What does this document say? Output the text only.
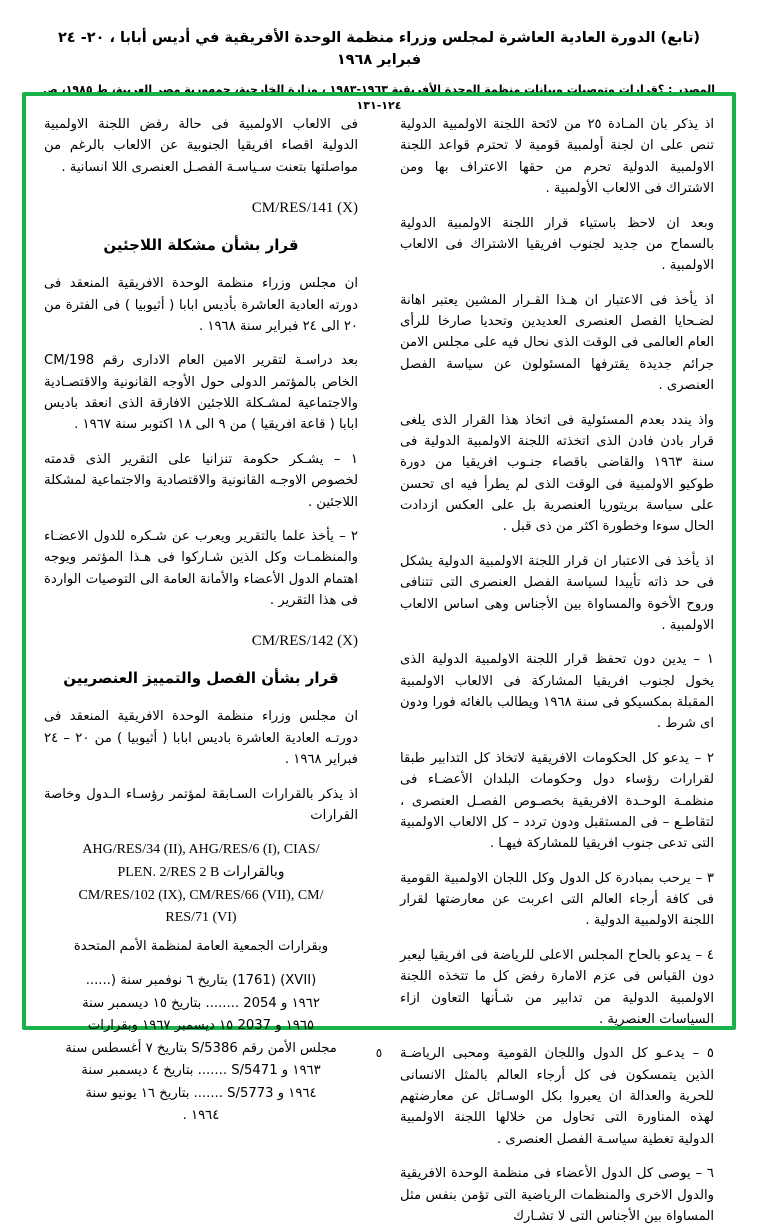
(تابع) الدورة العادية العاشرة لمجلس وزراء منظمة الوحدة الأفريقية في أديس أبابا ، ٢٠- ٢٤ فبراير ١٩٦٨
المصدر : ؟قرارات وتوصيات وبيانات منظمة الوحدة الأفريقية ١٩٦٣-١٩٨٣ ، وزارة الخارجية، جمهورية مصر العربية، ط ١٩٨٥، ص ١٢٤-١٣١

اذ يذكر بان المـادة ٢٥ من لائحة اللجنة الاولمبية الدولية تنص على ان لجنة أولمبية قومية لا تحترم قواعد اللجنة الاولمبية الدولية تحرم من حقها الاعتراف بها ومن الاشتراك فى الالعاب الأولمبية .

وبعد ان لاحظ باستياء قرار اللجنة الاولمبية الدولية بالسماح من جديد لجنوب افريقيا الاشتراك فى الالعاب الاولمبية .

اذ يأخذ فى الاعتبار ان هـذا القـرار المشين يعتبر اهانة لضـحايا الفصل العنصرى العديدين وتحديا صارخا للرأى العام العالمى فى الوقت الذى نحال فيه على مجلس الامن جرائم جديدة يقترفها المسئولون عن سياسة الفصل العنصرى .

واذ يندد بعدم المسئولية فى اتخاذ هذا القرار الذى يلغى قرار بادن فادن الذى اتخذته اللجنة الاولمبية الدولية فى سنة ١٩٦٣ والقاضى باقصاء جنـوب افريقيا من دورة طوكيو الاولمبية فى الوقت الذى لم يطرأ فيه اى تحسن على سياسة بريتوريا العنصرية بل على العكس ازدادت الحال سوءا وخطورة اكثر من ذى قبل .

اذ يأخذ فى الاعتبار ان قرار اللجنة الاولمبية الدولية يشكل فى حد ذاته تأييدا لسياسة الفصل العنصرى التى تتنافى وروح الأخوة والمساواة بين الأجناس وهى اساس الالعاب الاولمبية .

١ – يدين دون تحفظ قرار اللجنة الاولمبية الدولية الذى يخول لجنوب افريقيا المشاركة فى الالعاب الاولمبية المقبلة بمكسيكو فى سنة ١٩٦٨ ويطالب بالغائه فورا ودون اى شرط .

٢ – يدعو كل الحكومات الافريقية لاتخاذ كل التدابير طبقا لقرارات رؤساء دول وحكومات البلدان الأعضـاء فى منظمـة الوحـدة الافريقية بخصـوص الفصـل العنصرى ، لتقاطـع – فى المستقبل ودون تردد – كل الالعاب الاولمبية التى تدعى جنوب افريقيا للمشاركة فيهـا .

٣ – يرحب بمبادرة كل الدول وكل اللجان الاولمبية القومية فى كافة أرجاء العالم التى اعربت عن معارضتها لقرار اللجنة الاولمبية الدولية .

٤ – يدعو بالحاح المجلس الاعلى للرياضة فى افريقيا ليعبر دون القياس فى عزم الامارة رفض كل ما تتخذه اللجنة الاولمبية الدولية من تدابير من شـأنها التعاون ازاء السياسات العنصرية .

٥ – يدعـو كل الدول واللجان القومية ومحبى الرياضـة الذين يتمسكون فى كل أرجاء العالم بالمثل الانسانى للحرية والعدالة ان يعبروا بكل الوسـائل عن معارضتهم لهذه المناورة التى تحاول من خلالها اللجنة الاولمبية الدولية تغطية سياسـة الفصل العنصرى .

٦ – يوصى كل الدول الأعضاء فى منظمة الوحدة الافريقية والدول الاخرى والمنظمات الرياضية التى تؤمن بنفس مثل المساواة بين الأجناس التى لا تشـارك

فى الالعاب الاولمبية فى حالة رفض اللجنة الاولمبية الدولية اقصاء افريقيا الجنوبية عن الالعاب بالرغم من مواصلتها بتعنت سـياسـة الفصـل العنصرى اللا انسانية .

CM/RES/141 (X)
قرار بشأن مشكلة اللاجئين

ان مجلس وزراء منظمة الوحدة الافريقية المنعقد فى دورته العادية العاشرة بأديس ابابا ( أثيوبيا ) فى الفترة من ٢٠ الى ٢٤ فبراير سنة ١٩٦٨ .

بعد دراسـة لتقرير الامين العام الادارى رقم CM/198 الخاص بالمؤتمر الدولى حول الأوجه القانونية والاقتصـادية والاجتماعية لمشـكلة اللاجئين الافارقة الذى انعقد باديس ابابا ( قاعة افريقيا ) من ٩ الى ١٨ اكتوبر سنة ١٩٦٧ .

١ – يشـكر حكومة تنزانيا على التقرير الذى قدمته لخصوص الاوجـه القانونية والاقتصادية والاجتماعية لمشكلة اللاجئين .

٢ – يأخذ علما بالتقرير ويعرب عن شـكره للدول الاعضـاء والمنظمـات وكل الذين شـاركوا فى هـذا المؤتمر ويوجه اهتمام الدول الأعضاء والأمانة العامة الى التوصيات الواردة فى هذا التقرير .

CM/RES/142 (X)
قرار بشأن الفصل والتمييز العنصريين

ان مجلس وزراء منظمة الوحدة الافريقية المنعقد فى دورتـه العادية العاشرة باديس ابابا ( أثيوبيا ) من ٢٠ – ٢٤ فبراير ١٩٦٨ .

اذ يذكر بالقرارات السـابقة لمؤتمر رؤسـاء الـدول وخاصة القرارات

AHG/RES/34 (II), AHG/RES/6 (I), CIAS/
PLEN. 2/RES 2 B وبالقرارات
CM/RES/102 (IX), CM/RES/66 (VII), CM/
RES/71 (VI)

وبقرارات الجمعية العامة لمنظمة الأمم المتحدة

(XVII) (1761) بتاريخ ٦ نوفمبر سنة (......
١٩٦٢ و 2054 ........ بتاريخ ١٥ ديسمبر سنة
١٩٦٥ و 2037 ١٥ ديسمبر ١٩٦٧ وبقرارات
مجلس الأمن رقم S/5386 بتاريخ ٧ أغسطس سنة
١٩٦٣ و S/5471 ....... بتاريخ ٤ ديسمبر سنة
١٩٦٤ و S/5773 ....... بتاريخ ١٦ يونيو سنة
١٩٦٤ .
٥
